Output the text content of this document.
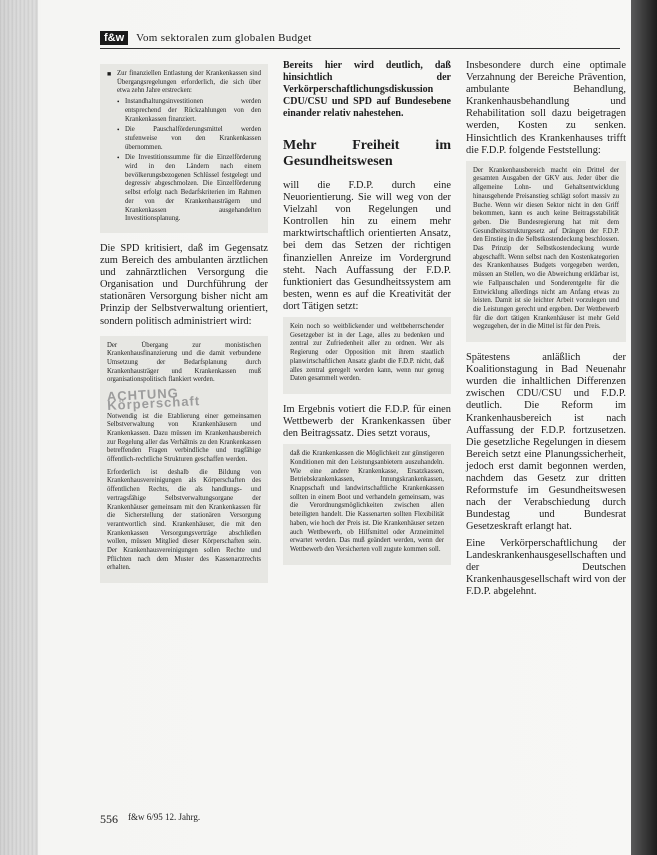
f&w	Vom sektoralen zum globalen Budget
■ Zur finanziellen Entlastung der Krankenkassen sind Übergangsregelungen erforderlich, die sich über etwa zehn Jahre erstrecken:
• Instandhaltungsinvestitionen werden entsprechend der Rückzahlungen von den Krankenkassen finanziert.
• Die Pauschalförderungsmittel werden stufenweise von den Krankenkassen übernommen.
• Die Investitionssumme für die Einzelförderung wird in den Ländern nach einem bevölkerungsbezogenen Schlüssel festgelegt und degressiv abgeschmolzen. Die Einzelförderung selbst erfolgt nach Bedarfskriterien im Rahmen der von der Krankenhausträgern und Krankenkassen ausgehandelten Investitionsplanung.

Die SPD kritisiert, daß im Gegensatz zum Bereich des ambulanten ärztlichen und zahnärztlichen Versorgung die Organisation und Durchführung der stationären Versorgung bisher nicht am Prinzip der Selbstverwaltung orientiert, sondern politisch administriert wird:

Der Übergang zur monistischen Krankenhausfinanzierung und die damit verbundene Umsetzung der Bedarfsplanung durch Krankenhausträger und Krankenkassen muß organisationspolitisch flankiert werden.

ACHTUNG Körperschaft

Notwendig ist die Etablierung einer gemeinsamen Selbstverwaltung von Krankenhäusern und Krankenkassen. Dazu müssen im Krankenhausbereich zur Regelung aller das Verhältnis zu den Krankenkassen betreffenden Fragen verbindliche und tragfähige öffentlich-rechtliche Strukturen geschaffen werden.

Erforderlich ist deshalb die Bildung von Krankenhausvereinigungen als Körperschaften des öffentlichen Rechts, die als handlungs- und vertragsfähige Selbstverwaltungsorgane der Krankenhäuser gemeinsam mit den Krankenkassen für die Sicherstellung der stationären Versorgung verantwortlich sind. Krankenhäuser, die mit den Krankenkassen Versorgungsverträge abschließen wollen, müssen Mitglied dieser Körperschaften sein. Der Krankenhausvereinigungen sollen Rechte und Pflichten nach dem Muster des Kassenarztrechts erhalten.

Bereits hier wird deutlich, daß hinsichtlich der Verkörperschaftlichungsdiskussion CDU/CSU und SPD auf Bundesebene einander relativ nahestehen.
Mehr Freiheit im Gesundheitswesen

will die F.D.P. durch eine Neuorientierung. Sie will weg von der Vielzahl von Regelungen und Kontrollen hin zu einem mehr marktwirtschaftlich orientierten Ansatz, bei dem das Setzen der richtigen finanziellen Anreize im Vordergrund steht. Nach Auffassung der F.D.P. funktioniert das Gesundheitssystem am besten, wenn es auf die Kreativität der dort Tätigen setzt:

Kein noch so weitblickender und weltbeherrschender Gesetzgeber ist in der Lage, alles zu bedenken und zentral zur Zufriedenheit aller zu ordnen. Wer als Regierung oder Opposition mit ihrem staatlich planwirtschaftlichen Ansatz glaubt die F.D.P. nicht, daß alles zentral geregelt werden kann, wenn nur genug Daten gesammelt werden.

Im Ergebnis votiert die F.D.P. für einen Wettbewerb der Krankenkassen über den Beitragssatz. Dies setzt voraus,

daß die Krankenkassen die Möglichkeit zur günstigeren Konditionen mit den Leistungsanbietern auszuhandeln. Wie eine andere Krankenkasse, Ersatzkassen, Betriebskrankenkassen, Innungskrankenkassen, Knappschaft und landwirtschaftliche Krankenkassen sollten in einem Boot und verhandeln gemeinsam, was die Verordnungsmöglichkeiten zwischen allen beteiligten handelt. Die Kassenarten sollten Flexibilität haben, wie hoch der Preis ist. Die Krankenhäuser setzen auch Wettbewerb, ob Hilfsmittel oder Arzneimittel erwartet werden. Das muß geändert werden, wenn der Wettbewerb den Versicherten voll zugute kommen soll.

Insbesondere durch eine optimale Verzahnung der Bereiche Prävention, ambulante Behandlung, Krankenhausbehandlung und Rehabilitation soll dazu beigetragen werden, Kosten zu senken. Hinsichtlich des Krankenhauses trifft die F.D.P. folgende Feststellung:

Der Krankenhausbereich macht ein Drittel der gesamten Ausgaben der GKV aus. Jeder über die allgemeine Lohn- und Gehaltsentwicklung hinausgehende Preisanstieg schlägt sofort massiv zu Buche. Wenn wir diesen Sektor nicht in den Griff bekommen, kann es auch keine Beitragsstabilität geben. Die Bundesregierung hat mit dem Gesundheitsstrukturgesetz auf Drängen der F.D.P. den Einstieg in die Selbstkostendeckung beschlossen. Das Prinzip der Selbstkostendeckung wurde abgeschafft. Wenn selbst nach den Kostenkategorien des Krankenhauses Budgets vorgegeben werden, müssen an Stellen, wo die Abweichung erklärbar ist, wie Fallpauschalen und Sonderentgelte für die Entwicklung allerdings nicht am Anfang etwas zu leisten. Damit ist sie leichter Arbeit vorzulegen und die Leistungen gerecht und ergeben. Der Wettbewerb für die dort tätigen Krankenhäuser ist mehr Geld wegzugehen, der in die Mittel ist für den Preis.

Spätestens anläßlich der Koalitionstagung in Bad Neuenahr wurden die inhaltlichen Differenzen zwischen CDU/CSU und F.D.P. deutlich. Die Reform im Krankenhausbereich ist nach Auffassung der F.D.P. fortzusetzen. Die gesetzliche Regelungen in diesem Bereich setzt eine Planungssicherheit, jedoch erst damit begonnen werden, nachdem das Gesetz zur dritten Reformstufe im Gesundheitswesen nach der Verabschiedung durch Bundestag und Bundesrat Gesetzeskraft erlangt hat.

Eine Verkörperschaftlichung der Landeskrankenhausgesellschaften und der Deutschen Krankenhausgesellschaft wird von der F.D.P. abgelehnt.

556 f&w 6/95 12. Jahrg.
